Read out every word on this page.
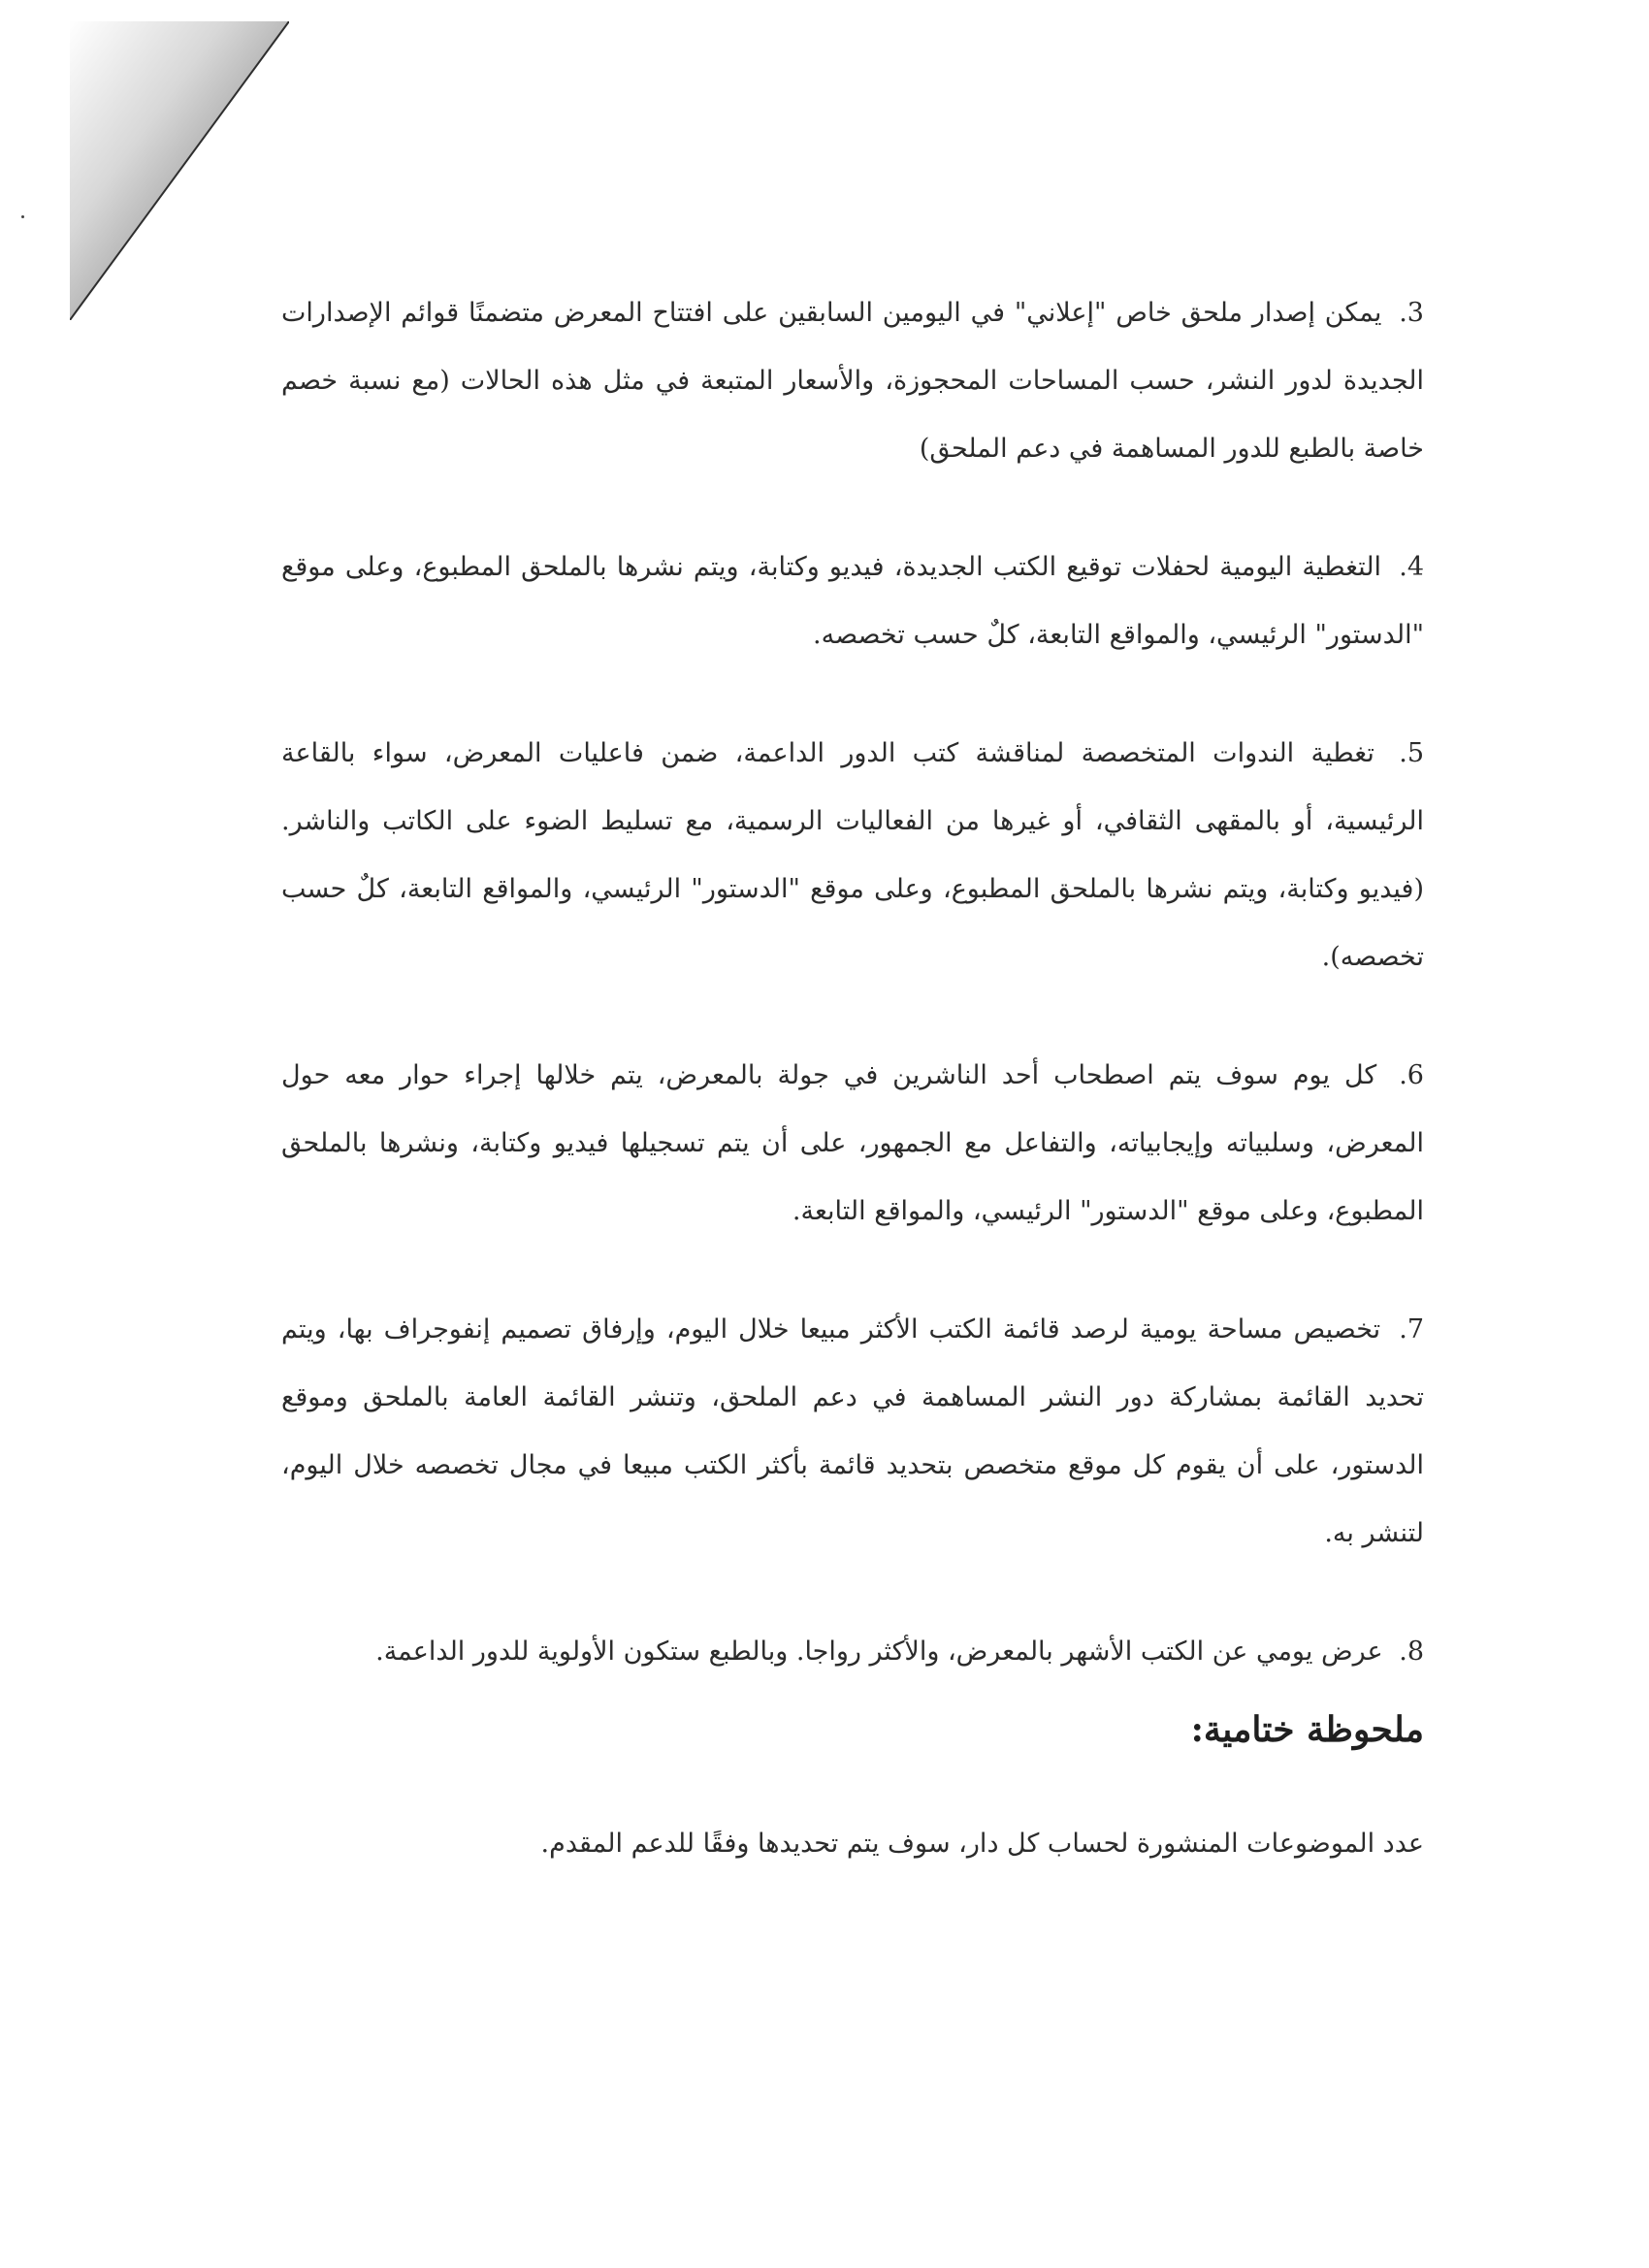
3. يمكن إصدار ملحق خاص "إعلاني" في اليومين السابقين على افتتاح المعرض متضمنًا قوائم الإصدارات الجديدة لدور النشر، حسب المساحات المحجوزة، والأسعار المتبعة في مثل هذه الحالات (مع نسبة خصم خاصة بالطبع للدور المساهمة في دعم الملحق)

4. التغطية اليومية لحفلات توقيع الكتب الجديدة، فيديو وكتابة، ويتم نشرها بالملحق المطبوع، وعلى موقع "الدستور" الرئيسي، والمواقع التابعة، كلٌ حسب تخصصه.

5. تغطية الندوات المتخصصة لمناقشة كتب الدور الداعمة، ضمن فاعليات المعرض، سواء بالقاعة الرئيسية، أو بالمقهى الثقافي، أو غيرها من الفعاليات الرسمية، مع تسليط الضوء على الكاتب والناشر. (فيديو وكتابة، ويتم نشرها بالملحق المطبوع، وعلى موقع "الدستور" الرئيسي، والمواقع التابعة، كلٌ حسب تخصصه).

6. كل يوم سوف يتم اصطحاب أحد الناشرين في جولة بالمعرض، يتم خلالها إجراء حوار معه حول المعرض، وسلبياته وإيجابياته، والتفاعل مع الجمهور، على أن يتم تسجيلها فيديو وكتابة، ونشرها بالملحق المطبوع، وعلى موقع "الدستور" الرئيسي، والمواقع التابعة.

7. تخصيص مساحة يومية لرصد قائمة الكتب الأكثر مبيعا خلال اليوم، وإرفاق تصميم إنفوجراف بها، ويتم تحديد القائمة بمشاركة دور النشر المساهمة في دعم الملحق، وتنشر القائمة العامة بالملحق وموقع الدستور، على أن يقوم كل موقع متخصص بتحديد قائمة بأكثر الكتب مبيعا في مجال تخصصه خلال اليوم، لتنشر به.

8. عرض يومي عن الكتب الأشهر بالمعرض، والأكثر رواجا. وبالطبع ستكون الأولوية للدور الداعمة.

ملحوظة ختامية:

عدد الموضوعات المنشورة لحساب كل دار، سوف يتم تحديدها وفقًا للدعم المقدم.
